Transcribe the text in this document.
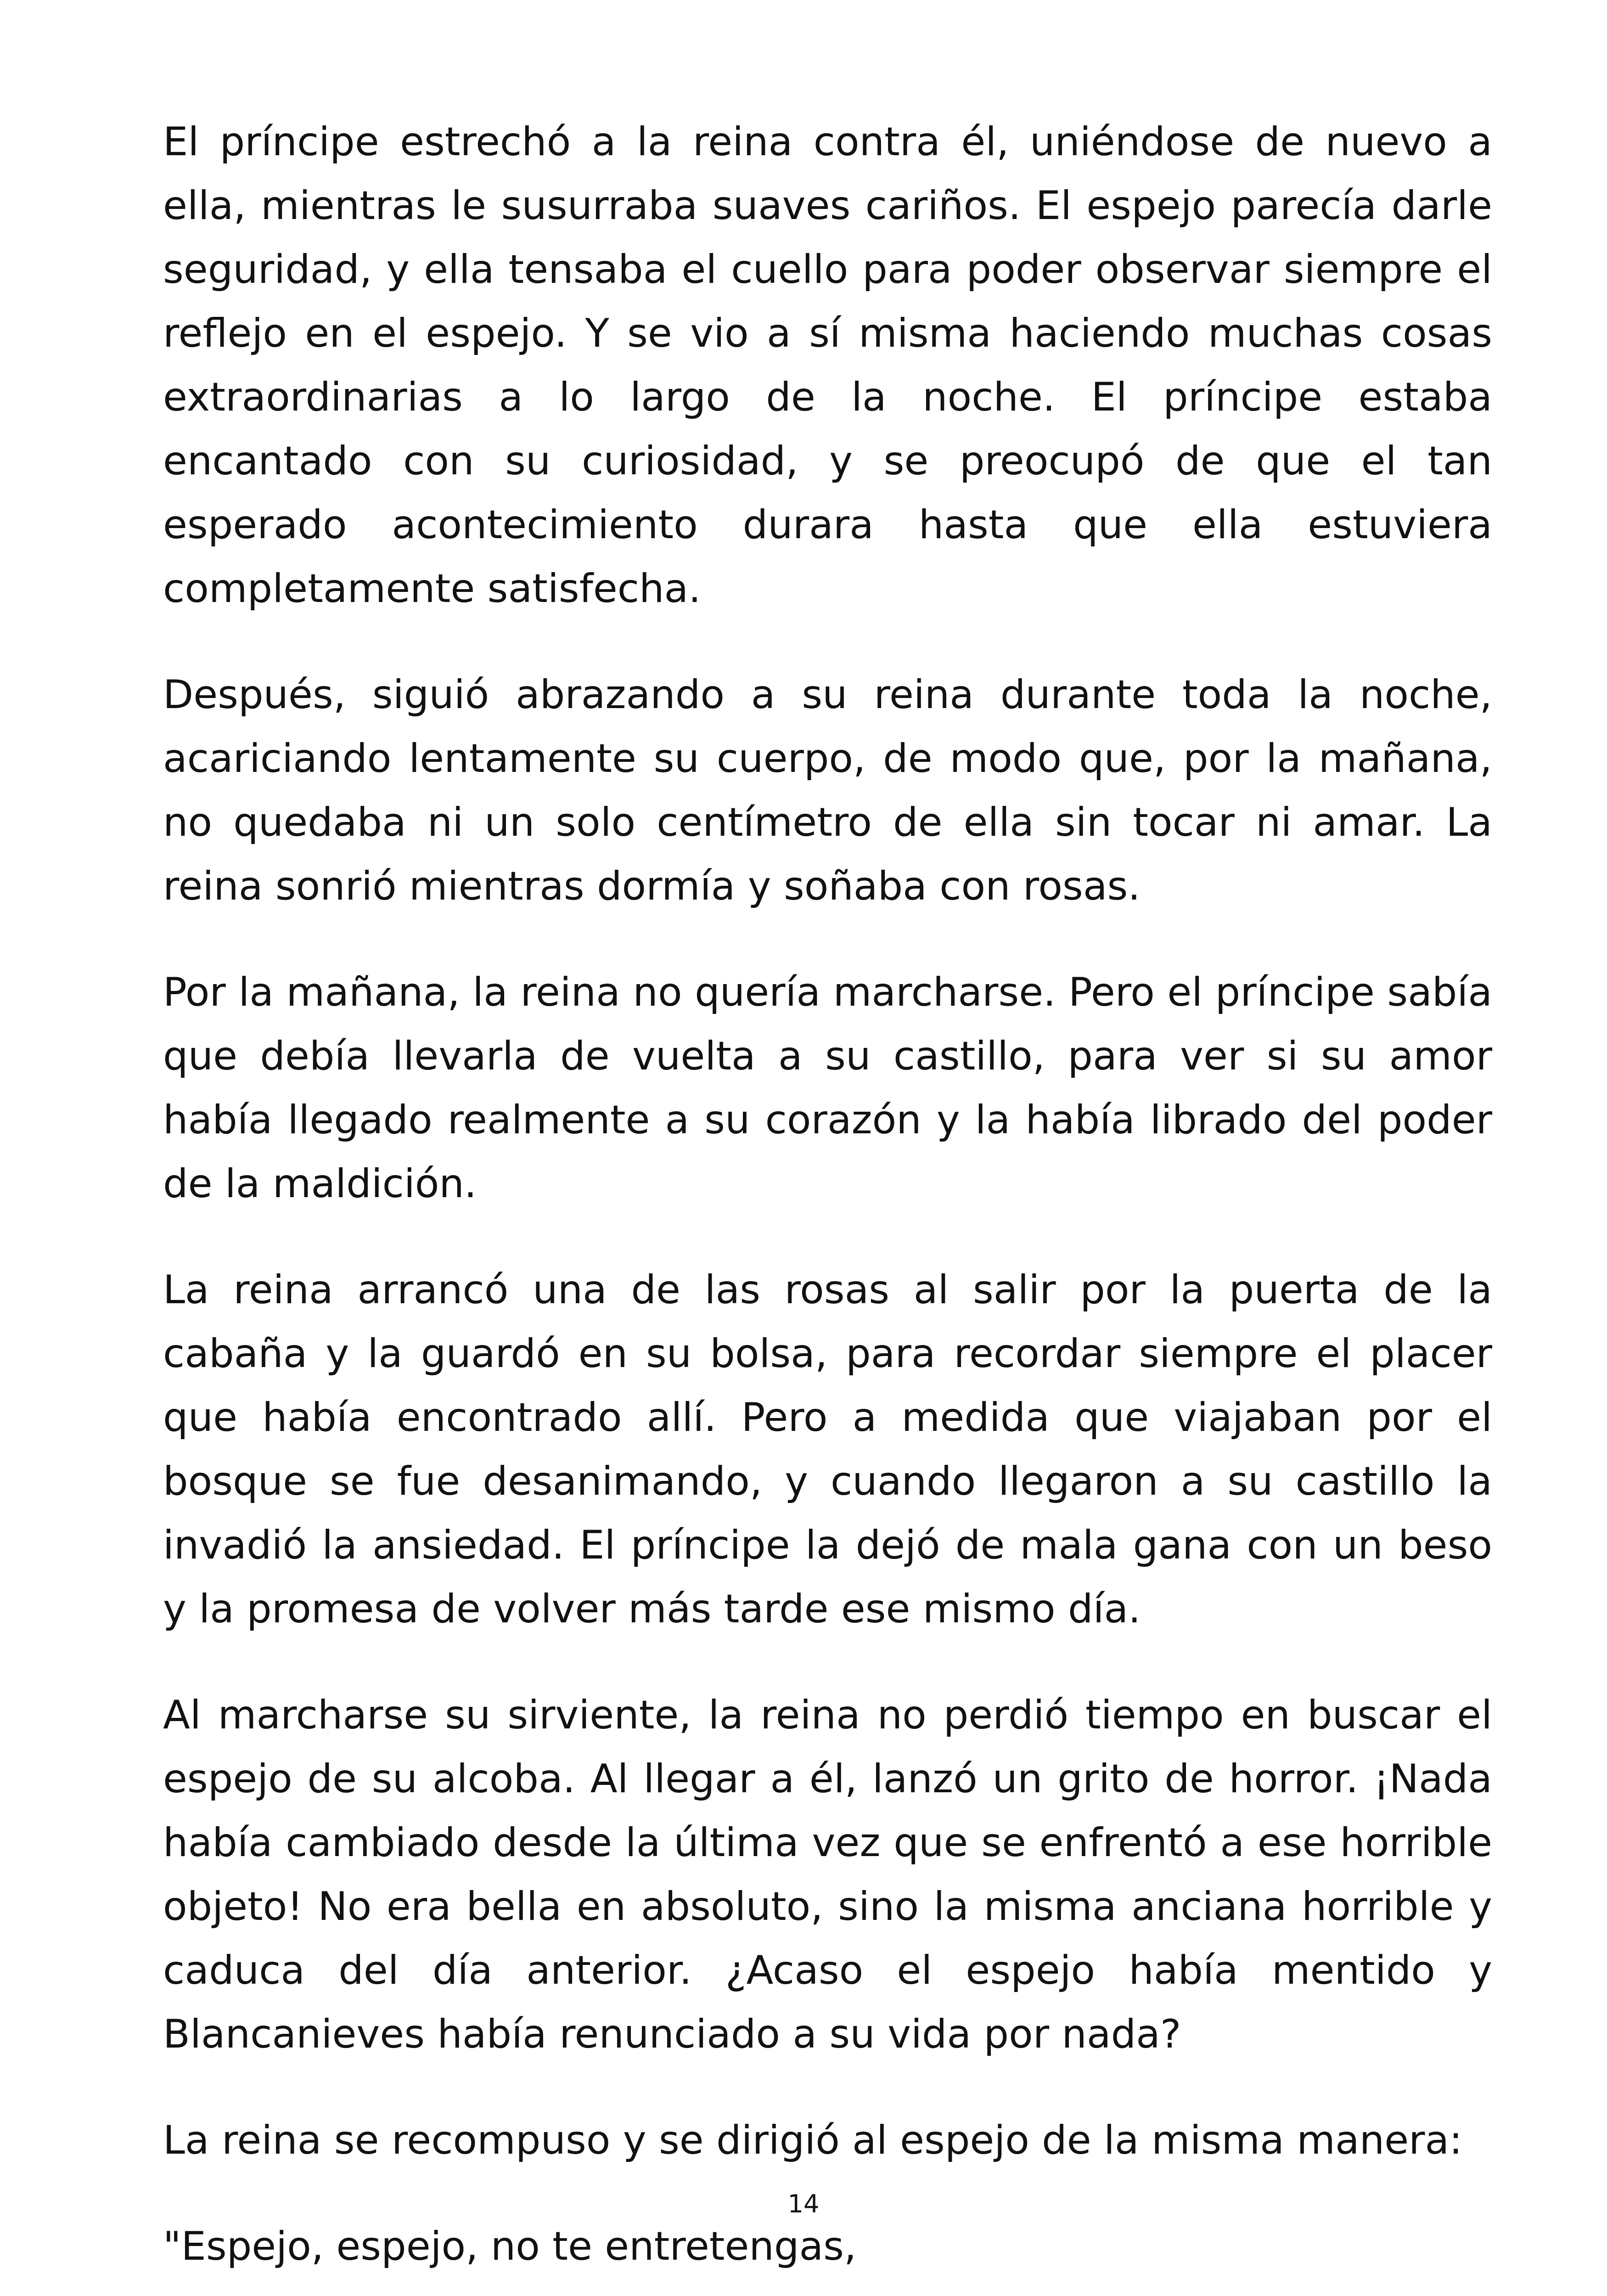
El príncipe estrechó a la reina contra él, uniéndose de nuevo a ella, mientras le susurraba suaves cariños. El espejo parecía darle seguridad, y ella tensaba el cuello para poder observar siempre el reflejo en el espejo. Y se vio a sí misma haciendo muchas cosas extraordinarias a lo largo de la noche. El príncipe estaba encantado con su curiosidad, y se preocupó de que el tan esperado acontecimiento durara hasta que ella estuviera completamente satisfecha.

Después, siguió abrazando a su reina durante toda la noche, acariciando lentamente su cuerpo, de modo que, por la mañana, no quedaba ni un solo centímetro de ella sin tocar ni amar. La reina sonrió mientras dormía y soñaba con rosas.

Por la mañana, la reina no quería marcharse. Pero el príncipe sabía que debía llevarla de vuelta a su castillo, para ver si su amor había llegado realmente a su corazón y la había librado del poder de la maldición.

La reina arrancó una de las rosas al salir por la puerta de la cabaña y la guardó en su bolsa, para recordar siempre el placer que había encontrado allí. Pero a medida que viajaban por el bosque se fue desanimando, y cuando llegaron a su castillo la invadió la ansiedad. El príncipe la dejó de mala gana con un beso y la promesa de volver más tarde ese mismo día.

Al marcharse su sirviente, la reina no perdió tiempo en buscar el espejo de su alcoba. Al llegar a él, lanzó un grito de horror. ¡Nada había cambiado desde la última vez que se enfrentó a ese horrible objeto! No era bella en absoluto, sino la misma anciana horrible y caduca del día anterior. ¿Acaso el espejo había mentido y Blancanieves había renunciado a su vida por nada?

La reina se recompuso y se dirigió al espejo de la misma manera:

"Espejo, espejo, no te entretengas,

14
